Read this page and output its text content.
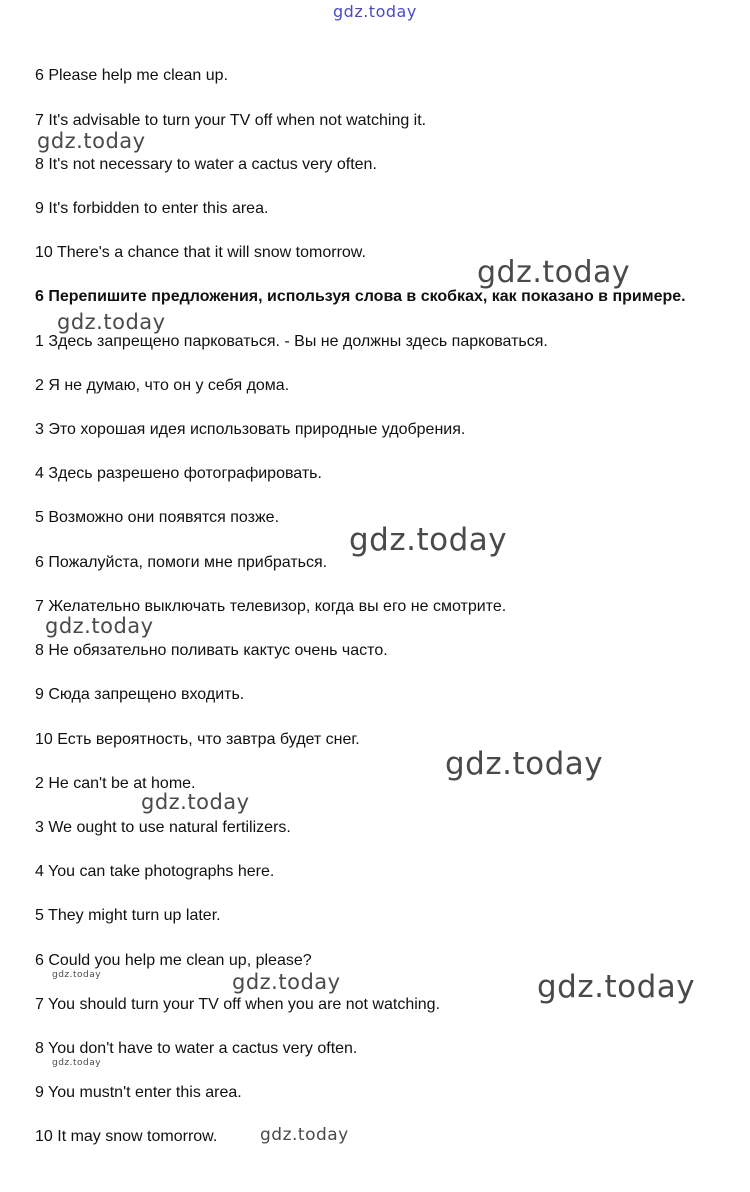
6 Please help me clean up.
7 It's advisable to turn your TV off when not watching it.
8 It's not necessary to water a cactus very often.
9 It's forbidden to enter this area.
10 There's a chance that it will snow tomorrow.
6 Перепишите предложения, используя слова в скобках, как показано в примере.
1 Здесь запрещено парковаться. - Вы не должны здесь парковаться.
2 Я не думаю, что он у себя дома.
3 Это хорошая идея использовать природные удобрения.
4 Здесь разрешено фотографировать.
5 Возможно они появятся позже.
6 Пожалуйста, помоги мне прибраться.
7 Желательно выключать телевизор, когда вы его не смотрите.
8 Не обязательно поливать кактус очень часто.
9 Сюда запрещено входить.
10 Есть вероятность, что завтра будет снег.
2 He can't be at home.
3 We ought to use natural fertilizers.
4 You can take photographs here.
5 They might turn up later.
6 Could you help me clean up, please?
7 You should turn your TV off when you are not watching.
8 You don't have to water a cactus very often.
9 You mustn't enter this area.
10 It may snow tomorrow.
gdz.today
gdz.today
gdz.today
gdz.today
gdz.today
gdz.today
gdz.today
gdz.today
gdz.today	gdz.today	gdz.today
gdz.today
gdz.today
